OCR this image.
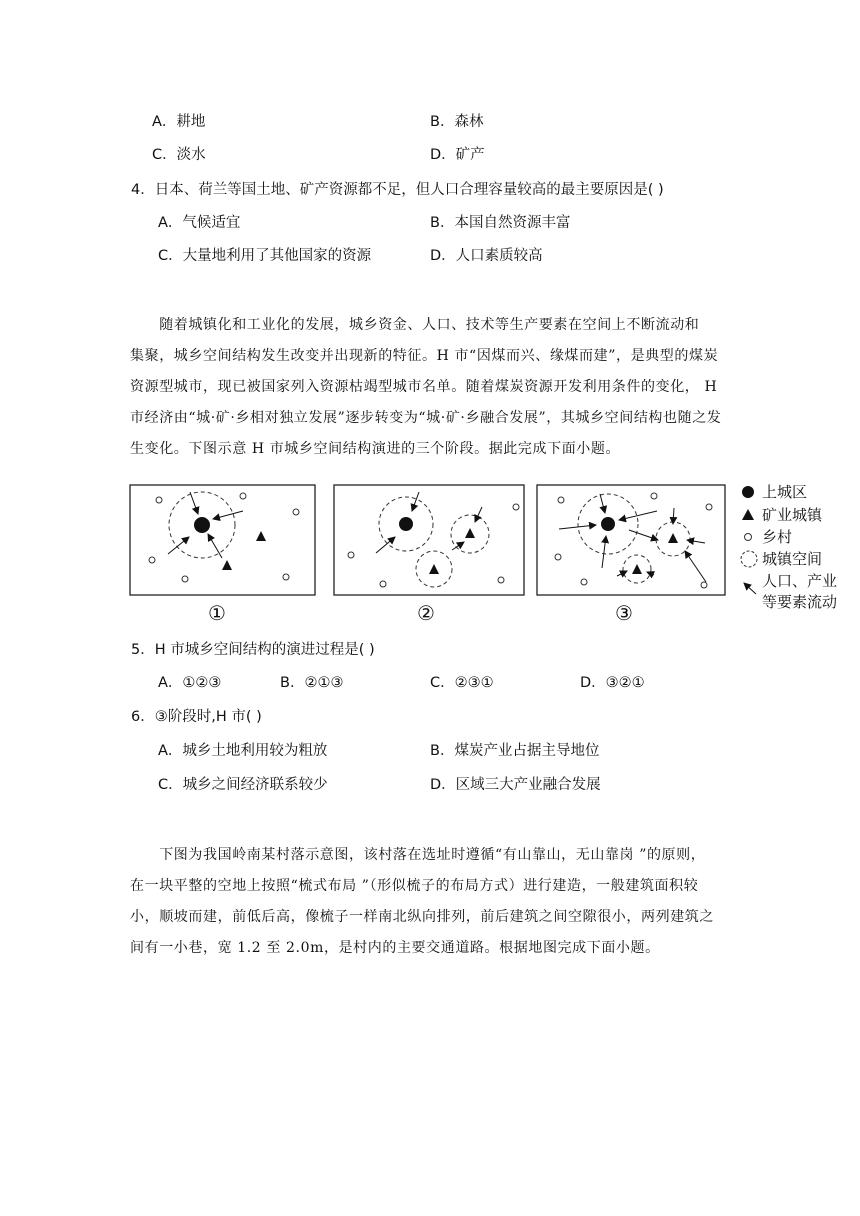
A．耕地	B．森林
C．淡水	D．矿产
4．日本、荷兰等国土地、矿产资源都不足，但人口合理容量较高的最主要原因是( )
A．气候适宜	B．本国自然资源丰富
C．大量地利用了其他国家的资源	D．人口素质较高
　　随着城镇化和工业化的发展，城乡资金、人口、技术等生产要素在空间上不断流动和
集聚，城乡空间结构发生改变并出现新的特征。H 市“因煤而兴、缘煤而建”，是典型的煤炭
资源型城市，现已被国家列入资源枯竭型城市名单。随着煤炭资源开发利用条件的变化， H
市经济由“城·矿·乡相对独立发展”逐步转变为“城·矿·乡融合发展”，其城乡空间结构也随之发
生变化。下图示意 H 市城乡空间结构演进的三个阶段。据此完成下面小题。
①	②	③
上城区
矿业城镇
乡村
城镇空间
人口、产业
等要素流动
5．H 市城乡空间结构的演进过程是( )
A．①②③	B．②①③	C．②③①	D．③②①
6．③阶段时,H 市( )
A．城乡土地利用较为粗放	B．煤炭产业占据主导地位
C．城乡之间经济联系较少	D．区域三大产业融合发展
　　下图为我国岭南某村落示意图，该村落在选址时遵循“有山靠山，无山靠岗 ”的原则，
在一块平整的空地上按照“梳式布局 ”（形似梳子的布局方式）进行建造，一般建筑面积较
小，顺坡而建，前低后高，像梳子一样南北纵向排列，前后建筑之间空隙很小，两列建筑之
间有一小巷，宽 1.2 至 2.0m，是村内的主要交通道路。根据地图完成下面小题。
